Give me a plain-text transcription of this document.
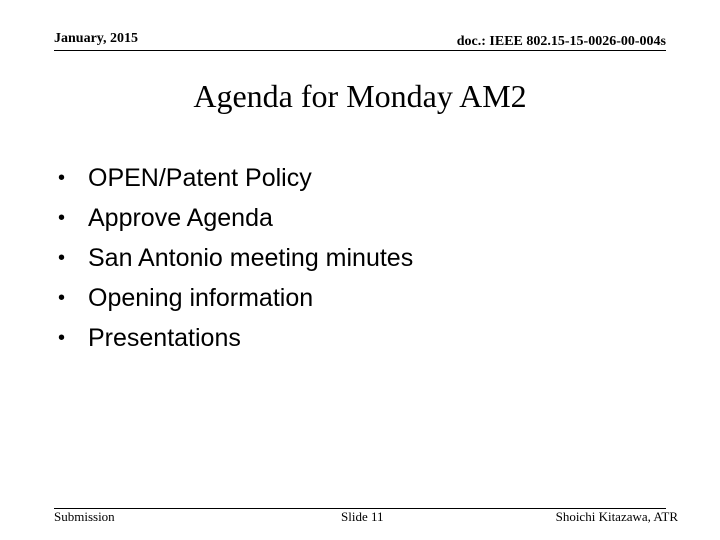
January, 2015	doc.: IEEE 802.15-15-0026-00-004s
Agenda for Monday AM2
• OPEN/Patent Policy
• Approve Agenda
• San Antonio meeting minutes
• Opening information
• Presentations
Submission	Slide 11	Shoichi Kitazawa, ATR
